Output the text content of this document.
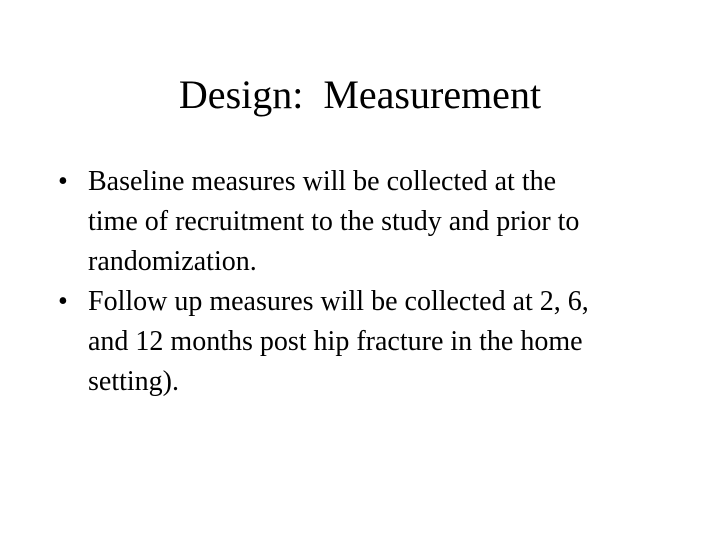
Design:  Measurement
• Baseline measures will be collected at the
time of recruitment to the study and prior to
randomization.
• Follow up measures will be collected at 2, 6,
and 12 months post hip fracture in the home
setting).
